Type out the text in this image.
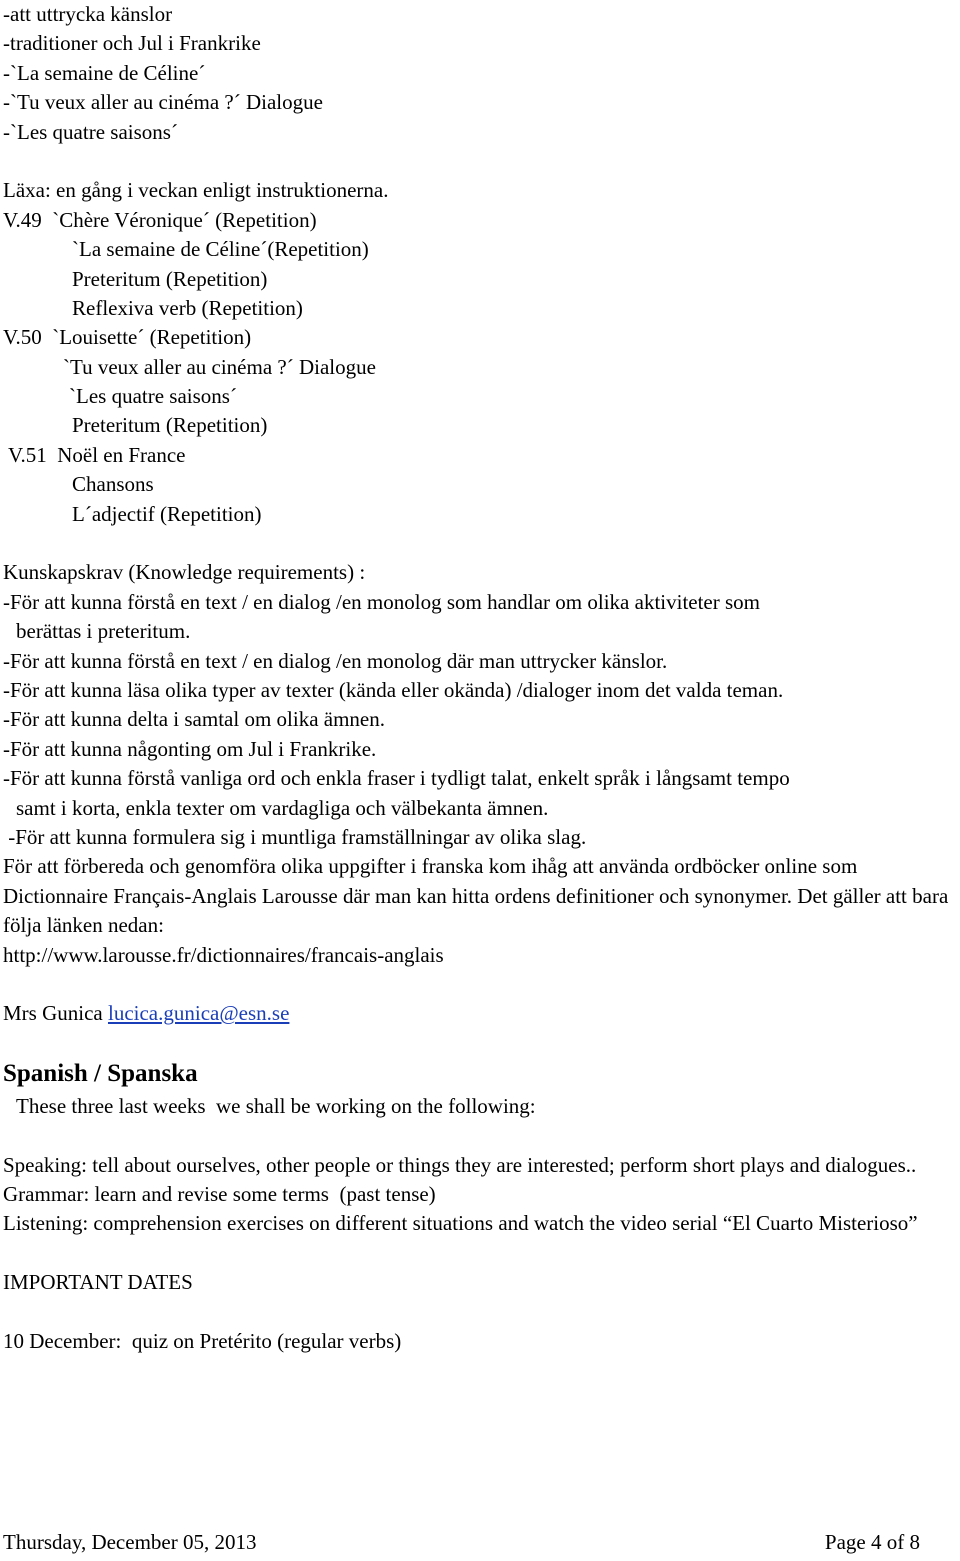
-att uttrycka känslor

-traditioner och Jul i Frankrike

-`La semaine de Céline´

-`Tu veux aller au cinéma ?´ Dialogue

-`Les quatre saisons´

Läxa: en gång i veckan enligt instruktionerna.

V.49 `Chère Véronique´ (Repetition)

`La semaine de Céline´(Repetition)

Preteritum (Repetition)

Reflexiva verb (Repetition)

V.50 `Louisette´ (Repetition)

`Tu veux aller au cinéma ?´ Dialogue

`Les quatre saisons´

Preteritum (Repetition)

V.51 Noël en France

Chansons

L´adjectif (Repetition)

Kunskapskrav (Knowledge requirements) :

-För att kunna förstå en text / en dialog /en monolog som handlar om olika aktiviteter som

berättas i preteritum.

-För att kunna förstå en text / en dialog /en monolog där man uttrycker känslor.

-För att kunna läsa olika typer av texter (kända eller okända) /dialoger inom det valda teman.

-För att kunna delta i samtal om olika ämnen.

-För att kunna någonting om Jul i Frankrike.

-För att kunna förstå vanliga ord och enkla fraser i tydligt talat, enkelt språk i långsamt tempo

samt i korta, enkla texter om vardagliga och välbekanta ämnen.

-För att kunna formulera sig i muntliga framställningar av olika slag.

För att förbereda och genomföra olika uppgifter i franska kom ihåg att använda ordböcker online som Dictionnaire Français-Anglais Larousse där man kan hitta ordens definitioner och synonymer. Det gäller att bara följa länken nedan:

http://www.larousse.fr/dictionnaires/francais-anglais

Mrs Gunica lucica.gunica@esn.se

Spanish / Spanska

These three last weeks  we shall be working on the following:

Speaking: tell about ourselves, other people or things they are interested; perform short plays and dialogues..

Grammar: learn and revise some terms  (past tense)

Listening: comprehension exercises on different situations and watch the video serial “El Cuarto Misterioso”

IMPORTANT DATES

10 December:  quiz on Pretérito (regular verbs)

Thursday, December 05, 2013	Page 4 of 8
